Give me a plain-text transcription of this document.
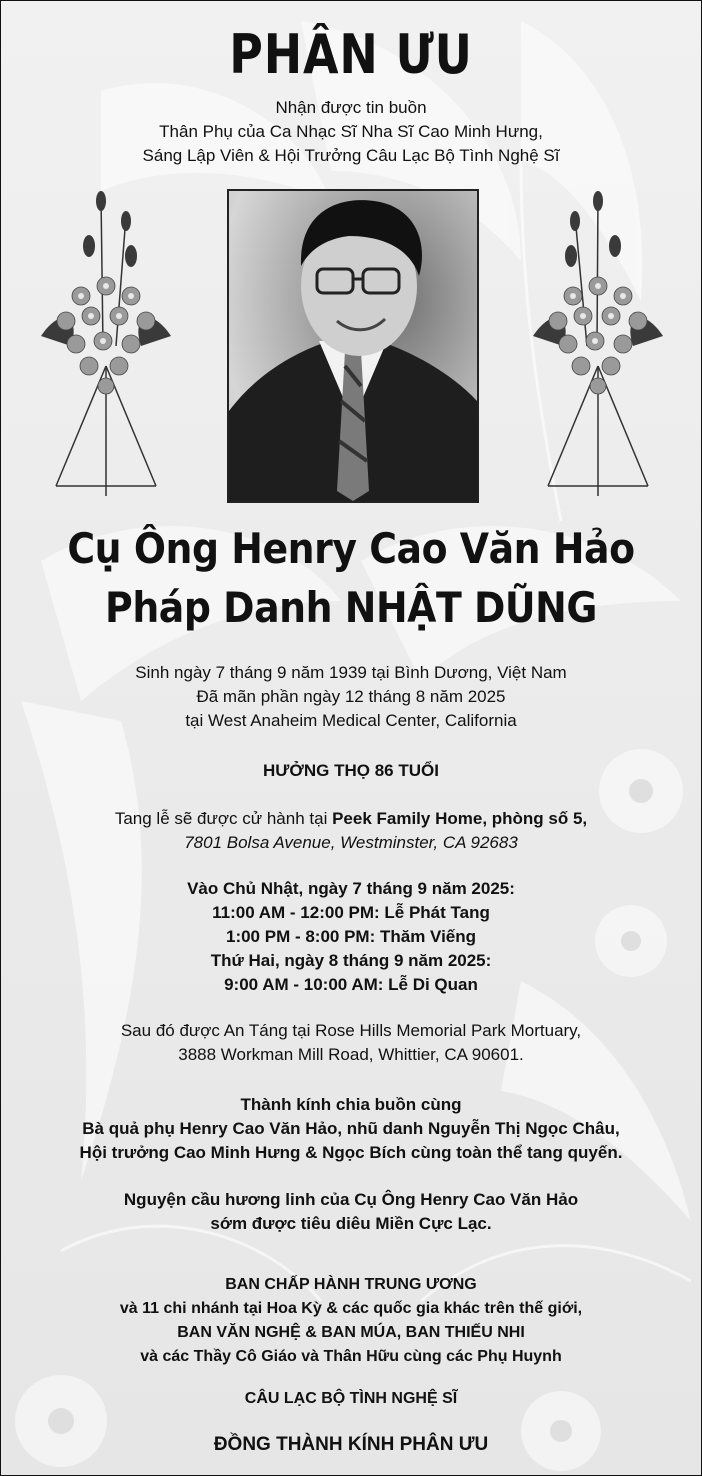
PHÂN ƯU
Nhận được tin buồn
Thân Phụ của Ca Nhạc Sĩ Nha Sĩ Cao Minh Hưng,
Sáng Lập Viên & Hội Trưởng Câu Lạc Bộ Tình Nghệ Sĩ
Cụ Ông Henry Cao Văn Hảo
Pháp Danh NHẬT DŨNG
Sinh ngày 7 tháng 9 năm 1939 tại Bình Dương, Việt Nam
Đã mãn phần ngày 12 tháng 8 năm 2025
tại West Anaheim Medical Center, California
HƯỞNG THỌ 86 TUỔI
Tang lễ sẽ được cử hành tại Peek Family Home, phòng số 5,
7801 Bolsa Avenue, Westminster, CA 92683
Vào Chủ Nhật, ngày 7 tháng 9 năm 2025:
11:00 AM - 12:00 PM: Lễ Phát Tang
1:00 PM - 8:00 PM: Thăm Viếng
Thứ Hai, ngày 8 tháng 9 năm 2025:
9:00 AM - 10:00 AM: Lễ Di Quan
Sau đó được An Táng tại Rose Hills Memorial Park Mortuary,
3888 Workman Mill Road, Whittier, CA 90601.
Thành kính chia buồn cùng
Bà quả phụ Henry Cao Văn Hảo, nhũ danh Nguyễn Thị Ngọc Châu,
Hội trưởng Cao Minh Hưng & Ngọc Bích cùng toàn thể tang quyến.
Nguyện cầu hương linh của Cụ Ông Henry Cao Văn Hảo
sớm được tiêu diêu Miền Cực Lạc.
BAN CHẤP HÀNH TRUNG ƯƠNG
và 11 chi nhánh tại Hoa Kỳ & các quốc gia khác trên thế giới,
BAN VĂN NGHỆ & BAN MÚA, BAN THIẾU NHI
và các Thầy Cô Giáo và Thân Hữu cùng các Phụ Huynh
CÂU LẠC BỘ TÌNH NGHỆ SĨ
ĐỒNG THÀNH KÍNH PHÂN ƯU
